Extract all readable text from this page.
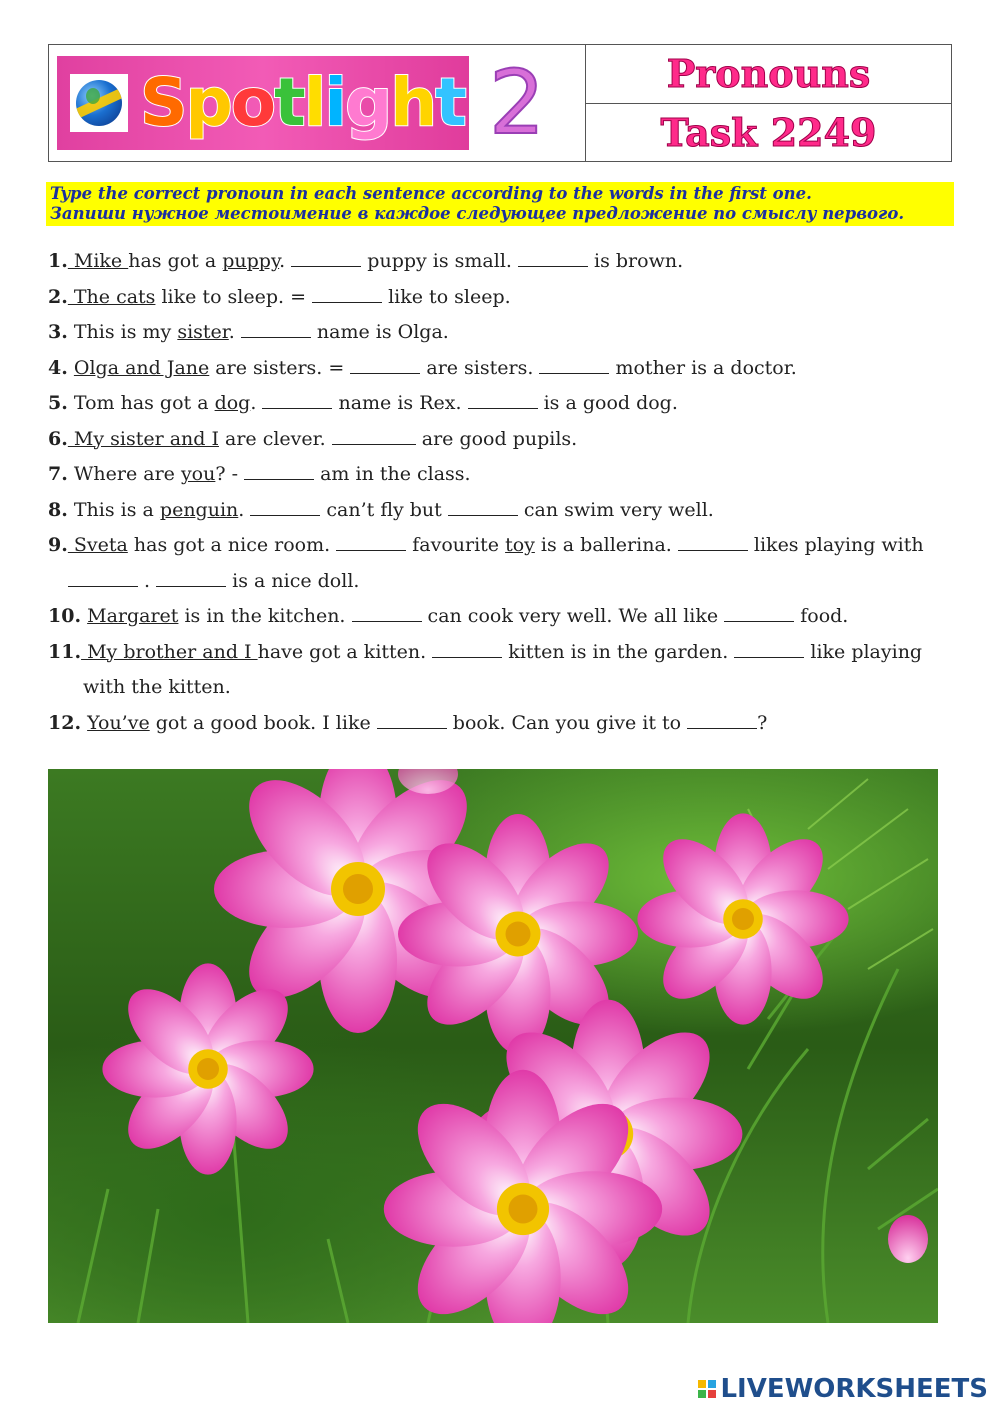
Spotlight 2	Pronouns
Task 2249
Type the correct pronoun in each sentence according to the words in the first one.
Запиши нужное местоимение в каждое следующее предложение по смыслу первого.
1. Mike has got a puppy.	puppy is small.	is brown.
2. The cats like to sleep. =	like to sleep.
3. This is my sister.	name is Olga.
4. Olga and Jane are sisters. =	are sisters.	mother is a doctor.
5. Tom has got a dog.	name is Rex.	is a good dog.
6. My sister and I are clever.	are good pupils.
7. Where are you? -	am in the class.
8. This is a penguin.	can’t fly but	can swim very well.
9. Sveta has got a nice room.	favourite toy is a ballerina.	likes playing with
.	is a nice doll.
10. Margaret is in the kitchen.	can cook very well. We all like	food.
11. My brother and I have got a kitten.	kitten is in the garden.	like playing
with the kitten.
12. You’ve got a good book. I like	book. Can you give it to	?
LIVEWORKSHEETS
